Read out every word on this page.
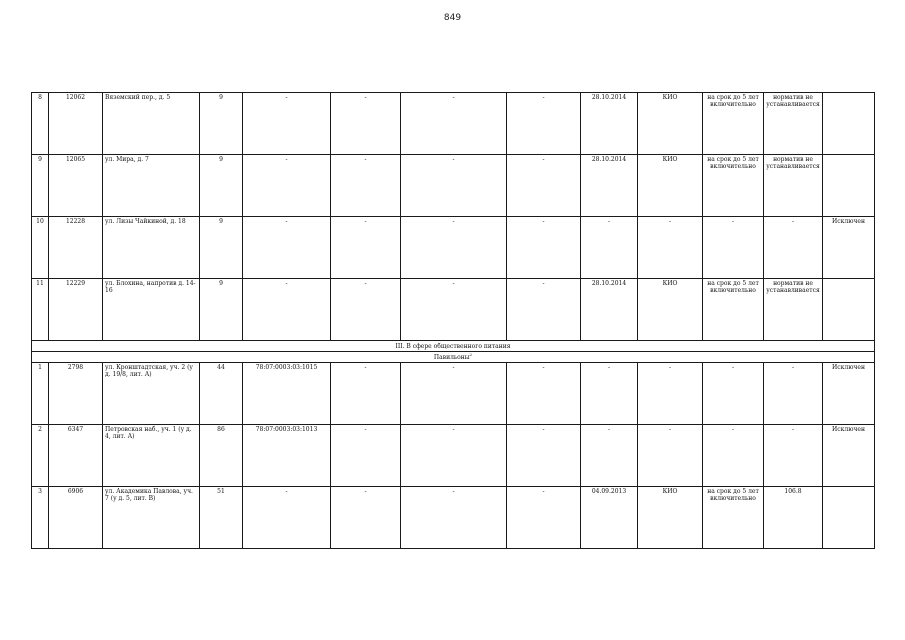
849
8	12062	Вяземский пер., д. 5	9	-	-	-	-	28.10.2014	КИО	на срок до 5 лет включительно	норматив не устанавливается	
9	12065	ул. Мира, д. 7	9	-	-	-	-	28.10.2014	КИО	на срок до 5 лет включительно	норматив не устанавливается	
10	12228	ул. Лизы Чайкиной, д. 18	9	-	-	-	-	-	-	-	-	Исключен
11	12229	ул. Блохина, напротив д. 14-16	9	-	-	-	-	28.10.2014	КИО	на срок до 5 лет включительно	норматив не устанавливается	
III. В сфере общественного питания												
Павильоны$^2$
1	2798	ул. Кронштадтская, уч. 2 (у д. 19/8, лит. А)	44	78:07:0003:03:1015	-	-	-	-	-	-	-	Исключен
2	6347	Петровская наб., уч. 1 (у д. 4, лит. А)	86	78:07:0003:03:1013	-	-	-	-	-	-	-	Исключен
3	6906	ул. Академика Павлова, уч. 7 (у д. 5, лит. В)	51	-	-	-	-	04.09.2013	КИО	на срок до 5 лет включительно	106.8	
